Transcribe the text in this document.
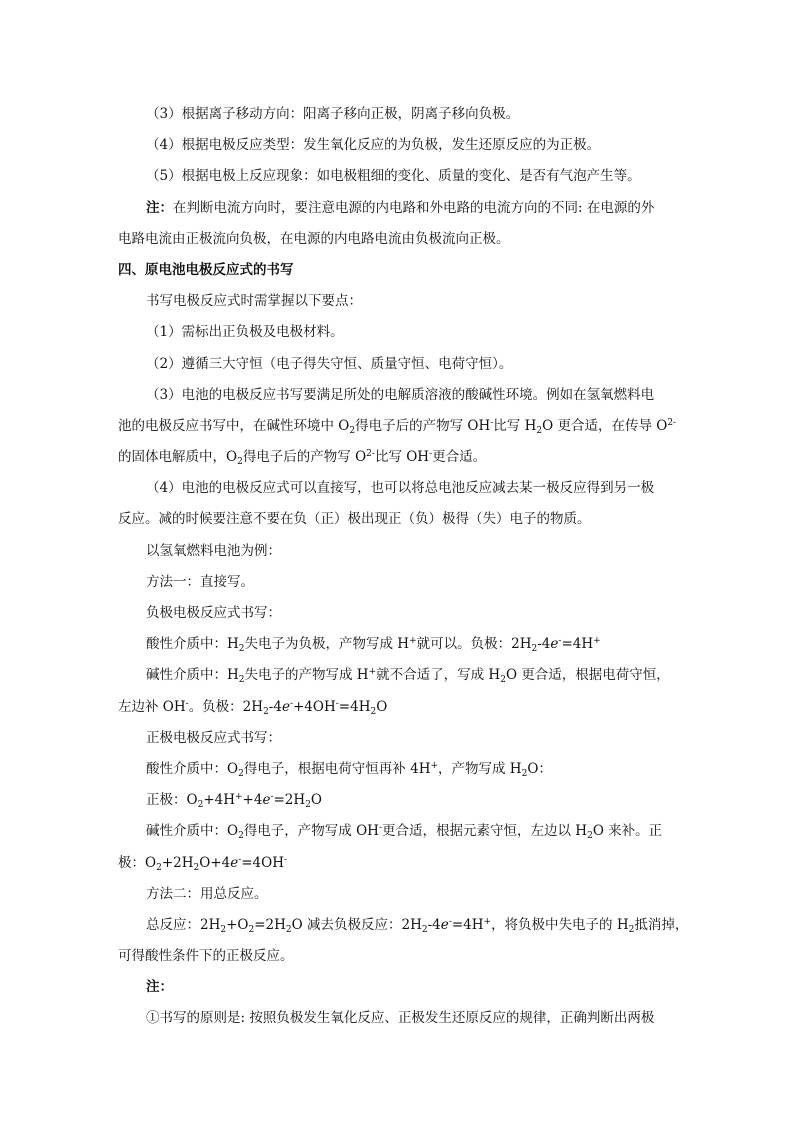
（3）根据离子移动方向：阳离子移向正极，阴离子移向负极。
（4）根据电极反应类型：发生氧化反应的为负极，发生还原反应的为正极。
（5）根据电极上反应现象：如电极粗细的变化、质量的变化、是否有气泡产生等。
注：在判断电流方向时，要注意电源的内电路和外电路的电流方向的不同: 在电源的外
电路电流由正极流向负极，在电源的内电路电流由负极流向正极。
四、原电池电极反应式的书写
书写电极反应式时需掌握以下要点：
（1）需标出正负极及电极材料。
（2）遵循三大守恒（电子得失守恒、质量守恒、电荷守恒）。
（3）电池的电极反应书写要满足所处的电解质溶液的酸碱性环境。例如在氢氧燃料电
池的电极反应书写中，在碱性环境中 $O_2$得电子后的产物写 OH-比写 $H_2O$ 更合适，在传导 $O^{2-}$
的固体电解质中，$O_2$得电子后的产物写 $O^{2-}$比写 OH-更合适。
（4）电池的电极反应式可以直接写，也可以将总电池反应减去某一极反应得到另一极
反应。减的时候要注意不要在负（正）极出现正（负）极得（失）电子的物质。
以氢氧燃料电池为例：
方法一：直接写。
负极电极反应式书写：
酸性介质中：$H_2$失电子为负极，产物写成 H+就可以。负极：$2H_2-4e^-=4H^+$
碱性介质中：$H_2$失电子的产物写成 H+就不合适了，写成 $H_2O$ 更合适，根据电荷守恒，
左边补 OH-。负极：$2H_2-4e^-+4OH^-=4H_2O$
正极电极反应式书写：
酸性介质中：$O_2$得电子，根据电荷守恒再补 4H+，产物写成 $H_2O$：
正极：$O_2+4H^++4e^-=2H_2O$
碱性介质中：$O_2$得电子，产物写成 OH-更合适，根据元素守恒，左边以 $H_2O$ 来补。正
极：$O_2+2H_2O+4e^-=4OH^-$
方法二：用总反应。
总反应：$2H_2+O_2=2H_2O$ 减去负极反应：$2H_2-4e^-=4H^+$，将负极中失电子的 $H_2$抵消掉，
可得酸性条件下的正极反应。
注：
①书写的原则是: 按照负极发生氧化反应、正极发生还原反应的规律，正确判断出两极
